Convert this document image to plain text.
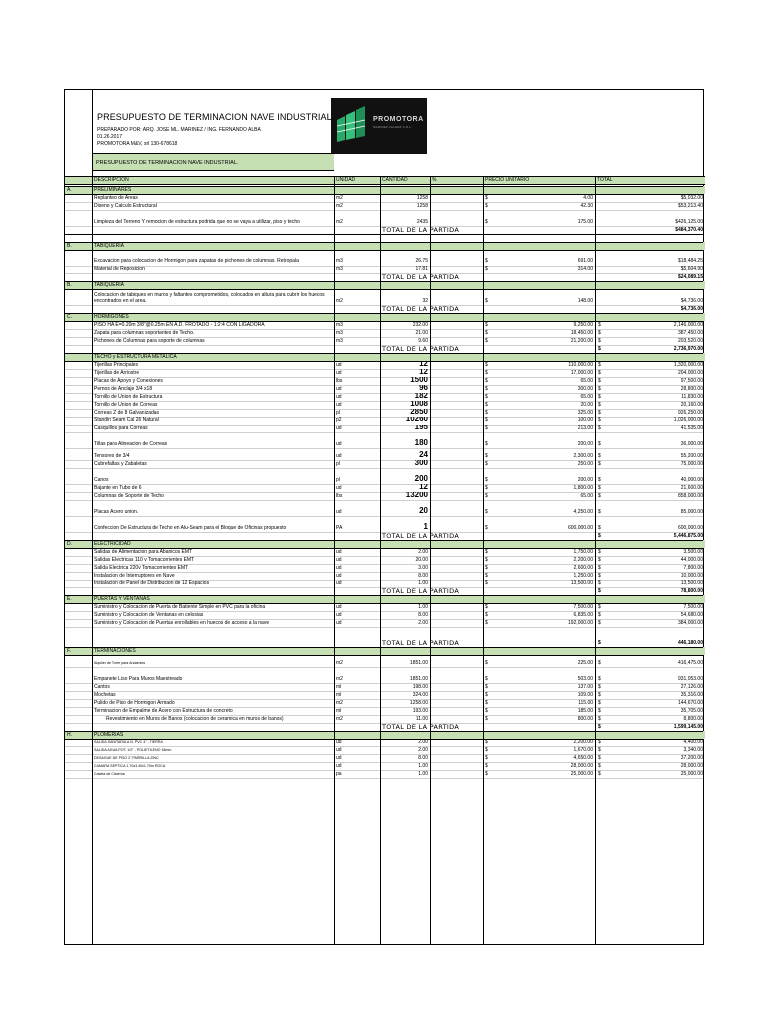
PROMOTORA
MARINEZ VALDEZ S.R.L.
PRESUPUESTO DE TERMINACION NAVE INDUSTRIAL.
PREPARADO POR: ARQ. JOSE ML. MARINEZ / ING. FERNANDO ALBA
01.26.2017
PROMOTORA M&V, srl 130-678618
PRESUPUESTO DE TERMINACION NAVE INDUSTRIAL.
DESCRIPCION	UNIDAD	CANTIDAD	%	PRECIO UNITARIO	TOTAL
A.	PRELIMINARES
Replanteo de Areas	m2	1258	$	4.00	$5,032.00
Diseno y Calculo Estructural	m2	1258	$	42.30	$53,213.40
Limpieza del Terreno Y remocion de estructura podrida que no se vaya a utilizar, piso y techo	m2	2435	$	175.00	$426,125.00
TOTAL DE LA PARTIDA	$484,370.40
B.	TABIQUERIA
Excavacion para colocacion de Hormigon para zapatas de pichones de columnas. Retropala	m3	26.75	$	691.00	$18,484.25
Material de Reposicion	m3	17.81	$	314.00	$5,604.90
TOTAL DE LA PARTIDA	$24,089.15
B.	TABIQUERIA
Colocacion de tabiques en muros y faltantes comprometidos, colocados en altura para cubrir los huecos encontrados en el area.	m2	32	$	148.00	$4,736.00
TOTAL DE LA PARTIDA	$4,736.00
C.	HORMIGONES
PISO HA E=0.20m 3/8"@0.25m EN A.D. FROTADO - 1:2:4 CON LIGADORA	m3	232.00	$	9,250.00 $	2,146,000.00
Zapata para columnas soportantes de Techo.	m3	21.00	$	18,450.00 $	387,450.00
Pichones de Columnas para soporte de columnas	m3	9.60	$	21,200.00 $	203,520.00
TOTAL DE LA PARTIDA	$	2,736,970.00
TECHO y ESTRUCTURA METALICA
Tijerillas Principales	ud	12	$	110,000.00 $	1,320,000.00
Tijerillas de Arriostre	ud	12	$	17,000.00 $	204,000.00
Placas de Apoyo y Conexiones	lbs	1500	$	65.00 $	97,500.00
Pernos de Anclaje 3/4 x18	ud	96	$	300.00 $	28,800.00
Tornillo de Union de Estructura	ud	182	$	65.00 $	11,830.00
Tornillo de Union de Correas	ud	1008	$	20.00 $	20,160.00
Correas Z de 8 Galvanizadas	pl	2850	$	325.00 $	926,250.00
Standin Seam Cal 26 Natural	p2	10260	$	100.00 $	1,026,000.00
Casquillos para Correas	ud	195	$	213.00 $	41,535.00
Tillas para Alineacion de Correas	ud	180	$	200.00 $	36,000.00
Tensores de 3/4	ud	24	$	2,300.00 $	55,200.00
Cubrefaltas y Zabaletas	pl	300	$	250.00 $	75,000.00
Canos	pl	200	$	200.00 $	40,000.00
Bajante en Tubo de 6	ud	12	$	1,800.00 $	21,600.00
Columnas de Soporte de Techo	lbs	13200	$	65.00 $	858,000.00
Placas Acero union.	ud	20	$	4,250.00 $	85,000.00
Confeccion De Estructura de Techo en Alu-Seam para el Bloque de Oficinas propuesto	PA	1	$	600,000.00 $	600,000.00
TOTAL DE LA PARTIDA	$	5,446,875.00
D.	ELECTRICIDAD
Salidas de Alimentacion para Abanicos EMT	ud	2.00	$	1,750.00 $	3,500.00
Salidas Electricas 110 v Tomacorrientes EMT	ud	20.00	$	2,200.00 $	44,000.00
Salida Electrica 220v Tomacorrientes EMT	ud	3.00	$	2,600.00 $	7,800.00
Instalacion de Interruptores en Nave	ud	8.00	$	1,250.00 $	10,000.00
Instalacion de Panel de Distribucion de 12 Espacios	ud	1.00	$	13,500.00 $	13,500.00
TOTAL DE LA PARTIDA	$	78,800.00
E.	PUERTAS Y VENTANAS
Suministro y Colocacion de Puerta de Batiente Simple en PVC para la oficina	ud	1.00	$	7,500.00 $	7,500.00
Suministro y Colocacion de Ventanas en celosias	ud	8.00	$	6,835.00 $	54,680.00
Suministro y Colocacion de Puertas enrollables en huecos de acceso a la nave	ud	2.00	$	192,000.00 $	384,000.00
TOTAL DE LA PARTIDA	$	446,180.00
F.	TERMINACIONES
Alquiler de Torre para Andamios	m2	1851.00	$	225.00 $	416,475.00
Empanete Liso Para Muros Maestreado	m2	1851.00	$	503.00 $	931,053.00
Cantos	ml	198.00	$	137.00 $	27,126.00
Mochetas	ml	324.00	$	109.00 $	35,316.00
Pulido de Piso de Hormigon Armado	m2	1258.00	$	115.00 $	144,670.00
Terminacion de Empalme de Acero con Estructura de concreto	ml	193.00	$	185.00 $	35,705.00
Revestimiento en Muros de Banos (colocacion de ceramica en muros de banos)	m2	11.00	$	800.00 $	8,800.00
TOTAL DE LA PARTIDA	$	1,599,145.00
H.	PLOMERIAS
SALIDA SANITARIA A.N. PVC 4" - TIERRA	ud	2.00	$	2,200.00 $	4,400.00
SALIDA AGUA POT. 1/2" - POLIETILENO 18mm	ud	2.00	$	1,670.00 $	3,340.00
DESAGUE DE PISO 2" PARRILLA ZINC	ud	8.00	$	4,650.00 $	37,200.00
CAMARA SEPTICA 1.70x3.40x1.70m ROCA	ud	1.00	$	28,000.00 $	28,000.00
Caseta de Cisterna	pa	1.00	$	25,000.00 $	25,000.00
